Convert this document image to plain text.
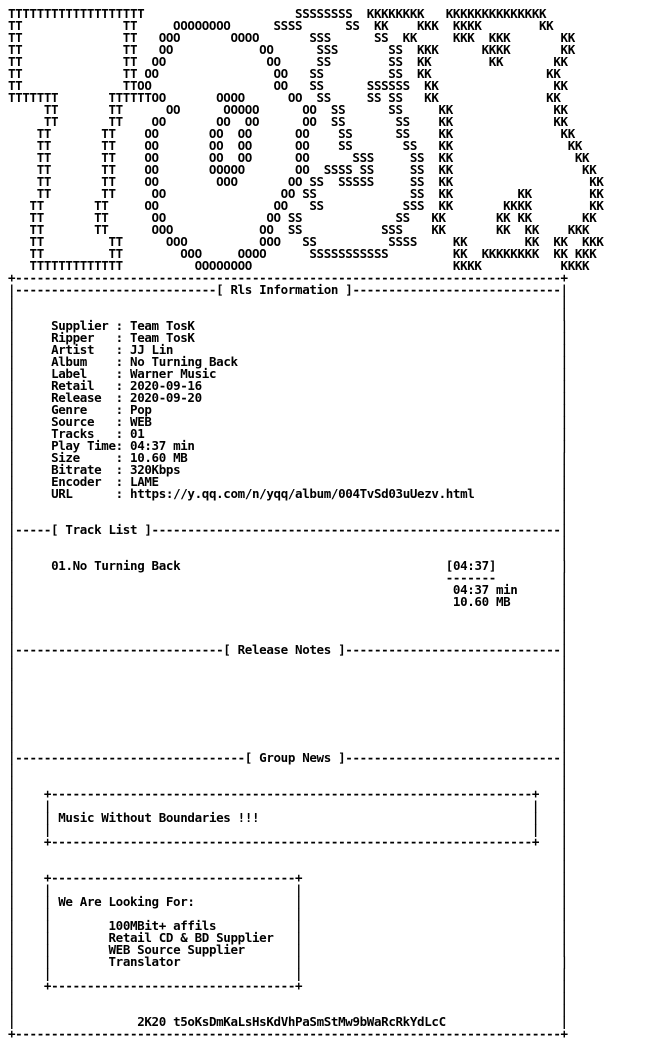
TTTTTTTTTTTTTTTTTTT                     SSSSSSSS  KKKKKKKK   KKKKKKKKKKKKKK
TT              TT     OOOOOOOO      SSSS      SS  KK    KKK  KKKK        KK
TT              TT   OOO       OOOO       SSS      SS  KK     KKK  KKK       KK
TT              TT   OO            OO      SSS       SS  KKK      KKKK       KK
TT              TT  OO              OO     SS        SS  KK        KK       KK
TT              TT OO                OO   SS         SS  KK                KK
TT              TTOO                 OO   SS      SSSSSS  KK                KK
TTTTTTT       TTTTTTOO       OOOO      OO  SS     SS SS   KK               KK
TT       TT      OO      OOOOO      OO  SS      SS     KK              KK
TT       TT    OO       OO  OO      OO  SS       SS    KK              KK
TT       TT    OO       OO  OO      OO    SS      SS    KK               KK
TT       TT    OO       OO  OO      OO    SS       SS   KK                KK
TT       TT    OO       OO  OO      OO      SSS     SS  KK                 KK
TT       TT    OO       OOOOO       OO  SSSS SS     SS  KK                  KK
TT       TT    OO        OOO       OO SS  SSSSS     SS  KK                   KK
TT       TT     OO                OO SS             SS  KK         KK        KK
TT       TT     OO                OO   SS           SSS  KK       KKKK        KK
TT       TT      OO              OO SS             SS   KK       KK KK       KK
TT       TT      OOO            OO  SS           SSS    KK       KK  KK    KKK
TT         TT      OOO          OOO   SS          SSSS     KK        KK  KK  KKK
TT         TT        OOO     OOOO      SSSSSSSSSSS         KK  KKKKKKKK  KK KKK
TTTTTTTTTTTTT          OOOOOOOO                            KKKK           KKKK
+----------------------------------------------------------------------------+
|----------------------------[ Rls Information ]-----------------------------|
|                                                                            |
|                                                                            |
|	Supplier : Team TosK                                                   |
|	Ripper   : Team TosK                                                   |
|	Artist   : JJ Lin                                                      |
|	Album    : No Turning Back                                             |
|	Label    : Warner Music                                                |
|	Retail   : 2020-09-16                                                  |
|	Release  : 2020-09-20                                                  |
|	Genre    : Pop                                                         |
|	Source   : WEB                                                         |
|	Tracks   : 01                                                          |
|	Play Time: 04:37 min                                                   |
|	Size     : 10.60 MB                                                    |
|	Bitrate  : 320Kbps                                                     |
|	Encoder  : LAME                                                        |
|	URL      : https://y.qq.com/n/yqq/album/004TvSd03uUezv.html            |
|                                                                            |
|                                                                            |
|-----[ Track List ]---------------------------------------------------------|
|                                                                            |
|                                                                            |
|	01.No Turning Back                                     [04:37]         |
|                                                            -------         |
|	04:37 min      |
|	10.60 MB       |
|                                                                            |
|                                                                            |
|                                                                            |
|-----------------------------[ Release Notes ]------------------------------|
|                                                                            |
|                                                                            |
|                                                                            |
|                                                                            |
|                                                                            |
|                                                                            |
|                                                                            |
|                                                                            |
|--------------------------------[ Group News ]------------------------------|
|                                                                            |
|                                                                            |
|    +-------------------------------------------------------------------+   |
|    |                                                                   |   |
|    | Music Without Boundaries !!!                                      |   |
|    |                                                                   |   |
|    +-------------------------------------------------------------------+   |
|                                                                            |
|                                                                            |
|    +----------------------------------+                                    |
|    |                                  |                                    |
|    | We Are Looking For:              |                                    |
|    |                                  |                                    |
|    |        100MBit+ affils           |                                    |
|    |        Retail CD & BD Supplier   |                                    |
|    |        WEB Source Supplier       |                                    |
|    |        Translator                |                                    |
|    |                                  |                                    |
|    +----------------------------------+                                    |
|                                                                            |
|                                                                            |
|	2K20 t5oKsDmKaLsHsKdVhPaSmStMw9bWaRcRkYdLcC                |
+----------------------------------------------------------------------------+
